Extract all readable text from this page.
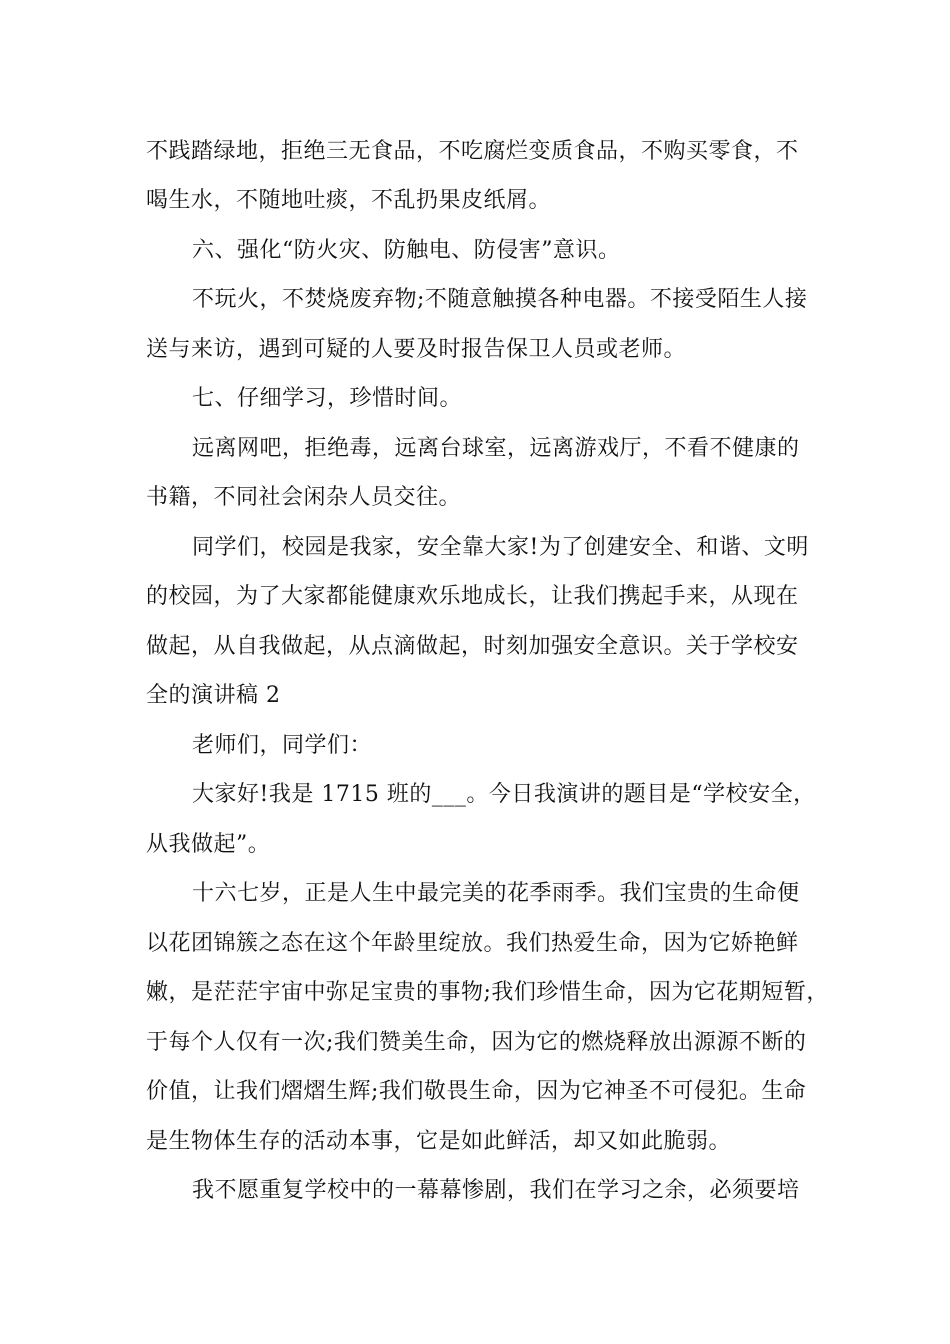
不践踏绿地，拒绝三无食品，不吃腐烂变质食品，不购买零食，不

喝生水，不随地吐痰，不乱扔果皮纸屑。

六、强化“防火灾、防触电、防侵害”意识。

不玩火，不焚烧废弃物;不随意触摸各种电器。不接受陌生人接

送与来访，遇到可疑的人要及时报告保卫人员或老师。

七、仔细学习，珍惜时间。

远离网吧，拒绝毒，远离台球室，远离游戏厅，不看不健康的

书籍，不同社会闲杂人员交往。

同学们，校园是我家，安全靠大家!为了创建安全、和谐、文明

的校园，为了大家都能健康欢乐地成长，让我们携起手来，从现在

做起，从自我做起，从点滴做起，时刻加强安全意识。关于学校安

全的演讲稿 2

老师们，同学们：

大家好!我是 1715 班的___。今日我演讲的题目是“学校安全，

从我做起”。

十六七岁，正是人生中最完美的花季雨季。我们宝贵的生命便

以花团锦簇之态在这个年龄里绽放。我们热爱生命，因为它娇艳鲜

嫩，是茫茫宇宙中弥足宝贵的事物;我们珍惜生命，因为它花期短暂，

于每个人仅有一次;我们赞美生命，因为它的燃烧释放出源源不断的

价值，让我们熠熠生辉;我们敬畏生命，因为它神圣不可侵犯。生命

是生物体生存的活动本事，它是如此鲜活，却又如此脆弱。

我不愿重复学校中的一幕幕惨剧，我们在学习之余，必须要培
